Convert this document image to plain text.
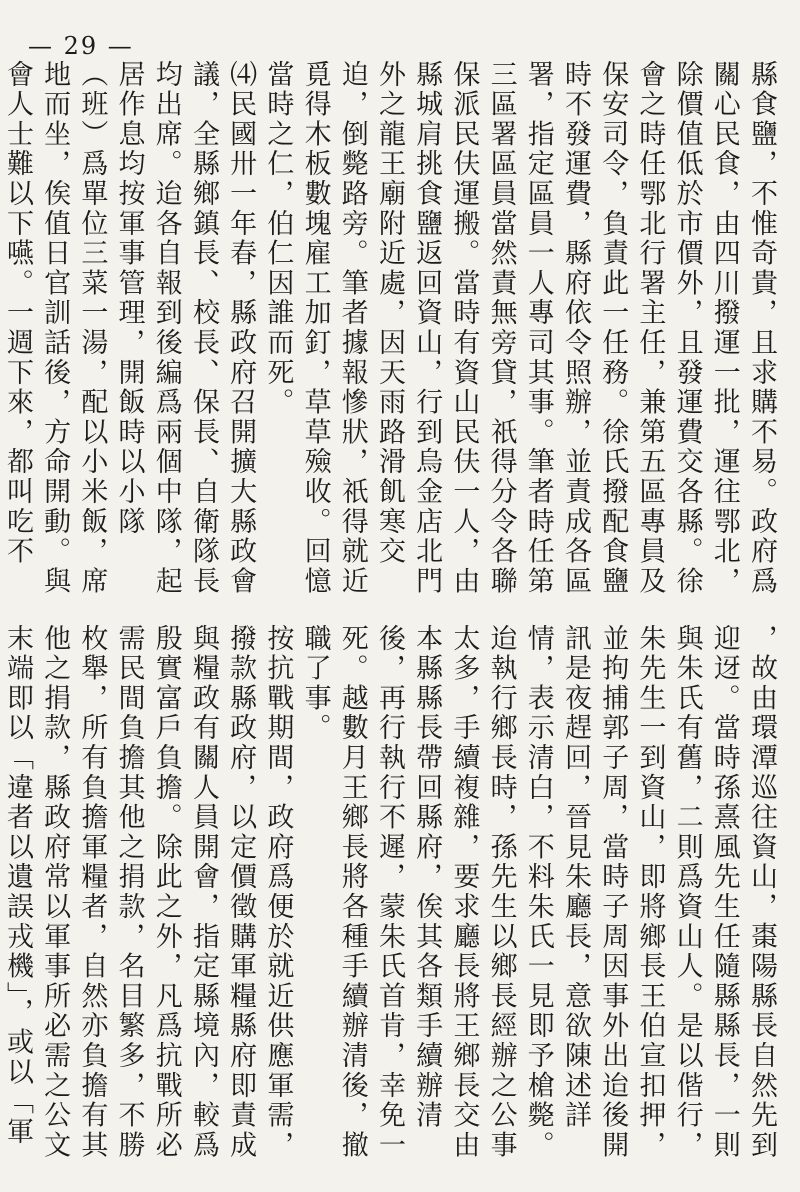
— 29 —
縣食鹽，不惟奇貴，且求購不易。政府爲關心民食，由四川撥運一批，運往鄂北，除價值低於市價外，且發運費交各縣。徐會之時任鄂北行署主任，兼第五區專員及保安司令，負責此一任務。徐氏撥配食鹽時不發運費，縣府依令照辦，並責成各區署，指定區員一人專司其事。筆者時任第三區署區員當然責無旁貸，祇得分令各聯保派民伕運搬。當時有資山民伕一人，由縣城肩挑食鹽返回資山，行到烏金店北門外之龍王廟附近處，因天雨路滑飢寒交迫，倒斃路旁。筆者據報慘狀，祇得就近覓得木板數塊雇工加釘，草草殮收。回憶當時之仁，伯仁因誰而死。
⑷民國卅一年春，縣政府召開擴大縣政會議，全縣鄉鎮長、校長、保長、自衛隊長均出席。迨各自報到後編爲兩個中隊，起居作息均按軍事管理，開飯時以小隊（班）爲單位三菜一湯，配以小米飯，席地而坐，俟值日官訓話後，方命開動。與會人士難以下嚥。一週下來，都叫吃不

，故由環潭巡往資山，棗陽縣長自然先到迎迓。當時孫熹風先生任隨縣縣長，一則與朱氏有舊，二則爲資山人。是以偕行，朱先生一到資山，即將鄉長王伯宣扣押，並拘捕郭子周，當時子周因事外出迨後開訊是夜趕回，晉見朱廳長，意欲陳述詳情，表示清白，不料朱氏一見即予槍斃。迨執行鄉長時，孫先生以鄉長經辦之公事太多，手續複雜，要求廳長將王鄉長交由本縣縣長帶回縣府，俟其各類手續辦清後，再行執行不遲，蒙朱氏首肯，幸免一死。越數月王鄉長將各種手續辦清後，撤職了事。
按抗戰期間，政府爲便於就近供應軍需，撥款縣政府，以定價徵購軍糧縣府即責成與糧政有關人員開會，指定縣境內，較爲殷實富戶負擔。除此之外，凡爲抗戰所必需民間負擔其他之捐款，名目繁多，不勝枚舉，所有負擔軍糧者，自然亦負擔有其他之捐款，縣政府常以軍事所必需之公文末端即以「違者以遺誤戎機」，或以「軍
